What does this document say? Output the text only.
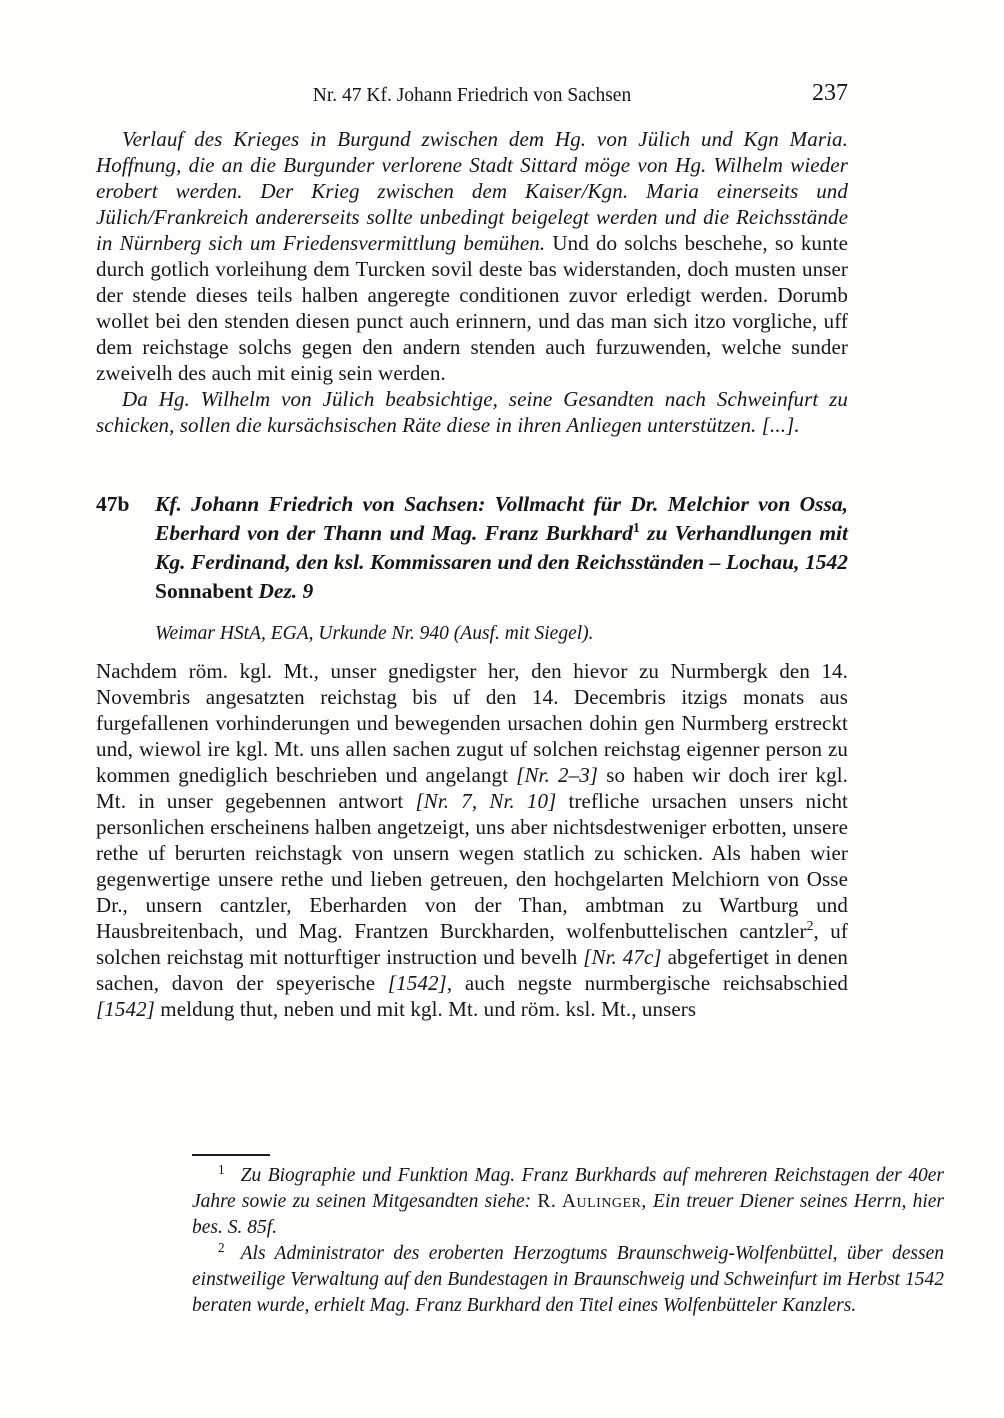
Nr. 47 Kf. Johann Friedrich von Sachsen	237

Verlauf des Krieges in Burgund zwischen dem Hg. von Jülich und Kgn Maria. Hoffnung, die an die Burgunder verlorene Stadt Sittard möge von Hg. Wilhelm wieder erobert werden. Der Krieg zwischen dem Kaiser/Kgn. Maria einerseits und Jülich/Frankreich andererseits sollte unbedingt beigelegt werden und die Reichsstände in Nürnberg sich um Friedensvermittlung bemühen. Und do solchs beschehe, so kunte durch gotlich vorleihung dem Turcken sovil deste bas widerstanden, doch musten unser der stende dieses teils halben angeregte conditionen zuvor erledigt werden. Dorumb wollet bei den stenden diesen punct auch erinnern, und das man sich itzo vorgliche, uff dem reichstage solchs gegen den andern stenden auch furzuwenden, welche sunder zweivelh des auch mit einig sein werden.

Da Hg. Wilhelm von Jülich beabsichtige, seine Gesandten nach Schweinfurt zu schicken, sollen die kursächsischen Räte diese in ihren Anliegen unterstützen. [...].

47b	Kf. Johann Friedrich von Sachsen: Vollmacht für Dr. Melchior von Ossa, Eberhard von der Thann und Mag. Franz Burkhard$^1$ zu Verhandlungen mit Kg. Ferdinand, den ksl. Kommissaren und den Reichsständen – Lochau, 1542 Sonnabent Dez. 9

Weimar HStA, EGA, Urkunde Nr. 940 (Ausf. mit Siegel).

Nachdem röm. kgl. Mt., unser gnedigster her, den hievor zu Nurmbergk den 14. Novembris angesatzten reichstag bis uf den 14. Decembris itzigs monats aus furgefallenen vorhinderungen und bewegenden ursachen dohin gen Nurmberg erstreckt und, wiewol ire kgl. Mt. uns allen sachen zugut uf solchen reichstag eigenner person zu kommen gnediglich beschrieben und angelangt [Nr. 2–3] so haben wir doch irer kgl. Mt. in unser gegebennen antwort [Nr. 7, Nr. 10] trefliche ursachen unsers nicht personlichen erscheinens halben angetzeigt, uns aber nichtsdestweniger erbotten, unsere rethe uf berurten reichstagk von unsern wegen statlich zu schicken. Als haben wier gegenwertige unsere rethe und lieben getreuen, den hochgelarten Melchiorn von Osse Dr., unsern cantzler, Eberharden von der Than, ambtman zu Wartburg und Hausbreitenbach, und Mag. Frantzen Burckharden, wolfenbuttelischen cantzler$^2$, uf solchen reichstag mit notturftiger instruction und bevelh [Nr. 47c] abgefertiget in denen sachen, davon der speyerische [1542], auch negste nurmbergische reichsabschied [1542] meldung thut, neben und mit kgl. Mt. und röm. ksl. Mt., unsers

$^1$ Zu Biographie und Funktion Mag. Franz Burkhards auf mehreren Reichstagen der 40er Jahre sowie zu seinen Mitgesandten siehe: R. Aulinger, Ein treuer Diener seines Herrn, hier bes. S. 85f.

$^2$ Als Administrator des eroberten Herzogtums Braunschweig-Wolfenbüttel, über dessen einstweilige Verwaltung auf den Bundestagen in Braunschweig und Schweinfurt im Herbst 1542 beraten wurde, erhielt Mag. Franz Burkhard den Titel eines Wolfenbütteler Kanzlers.
